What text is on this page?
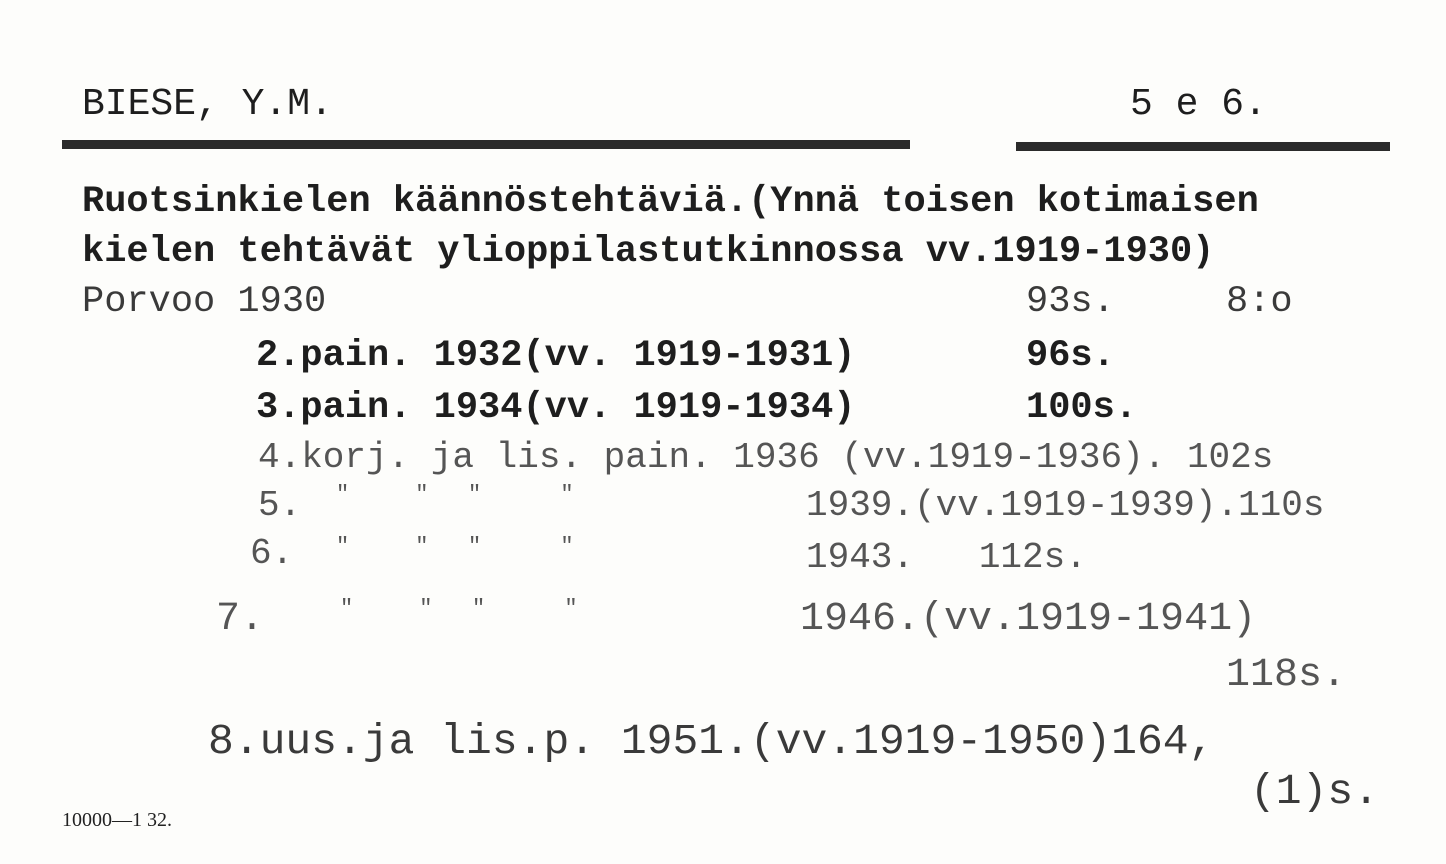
BIESE, Y.M.	5 e 6.
Ruotsinkielen käännöstehtäviä.(Ynnä toisen kotimaisen
kielen tehtävät ylioppilastutkinnossa vv.1919-1930)
Porvoo 1930	93s.	8:o
2.pain. 1932(vv. 1919-1931)	96s.
3.pain. 1934(vv. 1919-1934)	100s.
4.korj. ja lis. pain. 1936 (vv.1919-1936). 102s
5. "     "   "      "	1939.(vv.1919-1939).110s
6. "     "   "      "	1943.   112s.
7.	"     "   "      "	1946.(vv.1919-1941)
118s.
8.uus.ja lis.p. 1951.(vv.1919-1950)164,
(1)s.
10000—1 32.
